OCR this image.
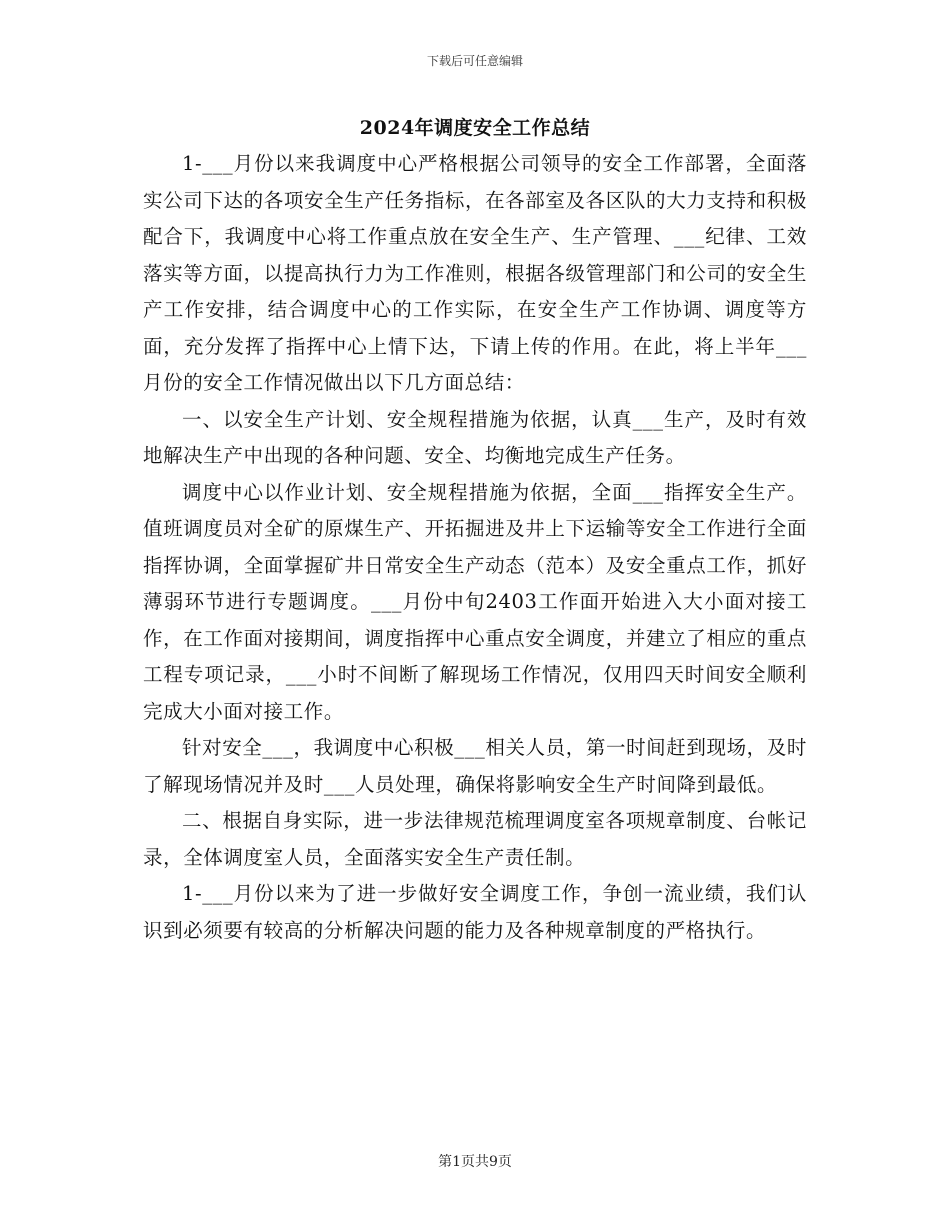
下载后可任意编辑
2024年调度安全工作总结

1-___月份以来我调度中心严格根据公司领导的安全工作部署，全面落实公司下达的各项安全生产任务指标，在各部室及各区队的大力支持和积极配合下，我调度中心将工作重点放在安全生产、生产管理、___纪律、工效落实等方面，以提高执行力为工作准则，根据各级管理部门和公司的安全生产工作安排，结合调度中心的工作实际，在安全生产工作协调、调度等方面，充分发挥了指挥中心上情下达，下请上传的作用。在此，将上半年___月份的安全工作情况做出以下几方面总结：

一、以安全生产计划、安全规程措施为依据，认真___生产，及时有效地解决生产中出现的各种问题、安全、均衡地完成生产任务。

调度中心以作业计划、安全规程措施为依据，全面___指挥安全生产。值班调度员对全矿的原煤生产、开拓掘进及井上下运输等安全工作进行全面指挥协调，全面掌握矿井日常安全生产动态（范本）及安全重点工作，抓好薄弱环节进行专题调度。___月份中旬2403工作面开始进入大小面对接工作，在工作面对接期间，调度指挥中心重点安全调度，并建立了相应的重点工程专项记录，___小时不间断了解现场工作情况，仅用四天时间安全顺利完成大小面对接工作。

针对安全___，我调度中心积极___相关人员，第一时间赶到现场，及时了解现场情况并及时___人员处理，确保将影响安全生产时间降到最低。

二、根据自身实际，进一步法律规范梳理调度室各项规章制度、台帐记录，全体调度室人员，全面落实安全生产责任制。

1-___月份以来为了进一步做好安全调度工作，争创一流业绩，我们认识到必须要有较高的分析解决问题的能力及各种规章制度的严格执行。

第1页共9页
